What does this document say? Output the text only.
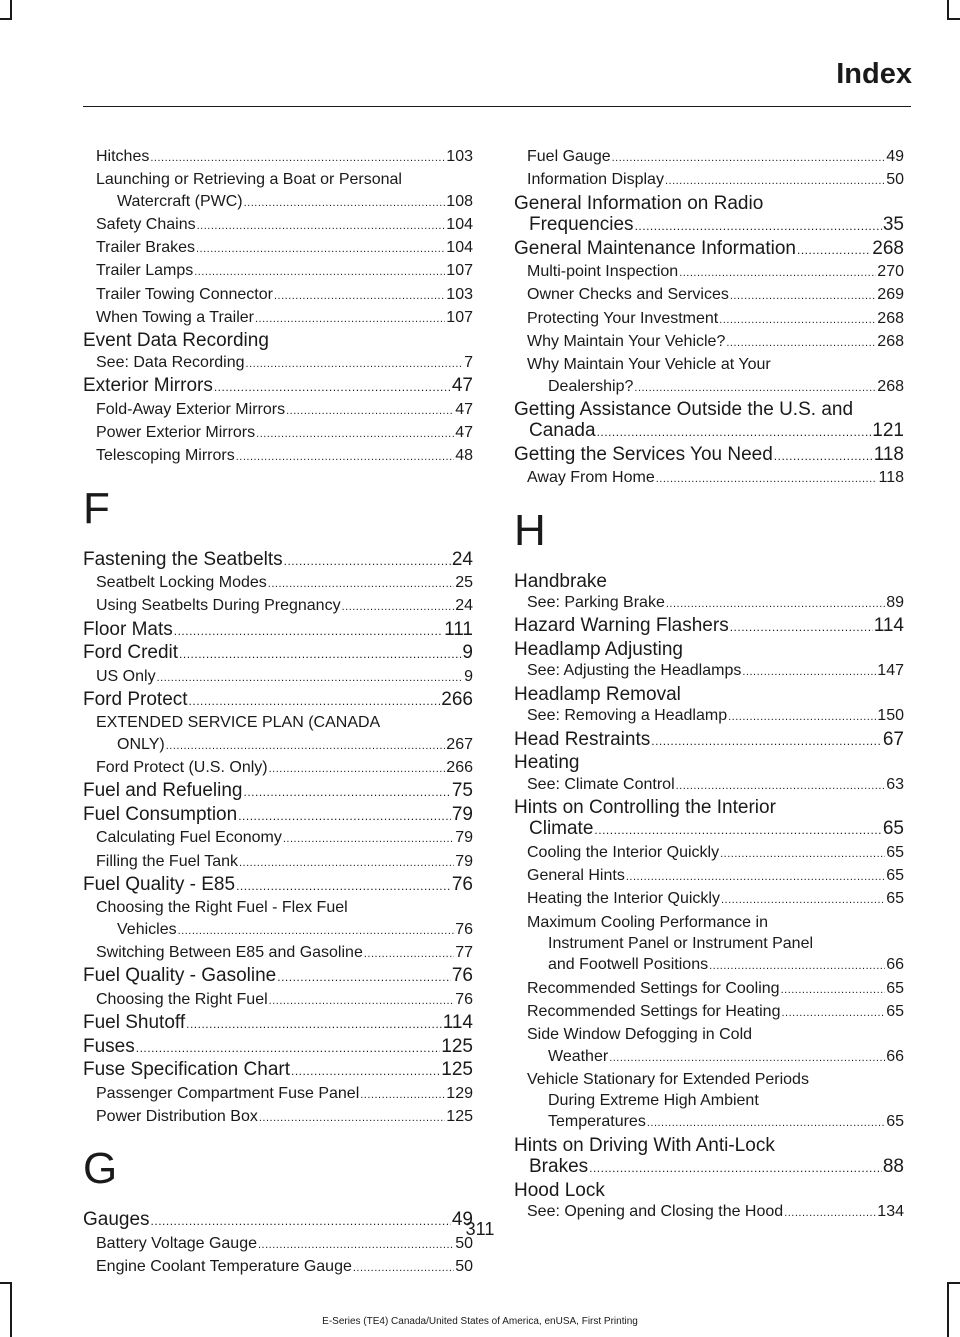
Index
Hitches .....	103
Launching or Retrieving a Boat or Personal
Watercraft (PWC) .....	108
Safety Chains .....	104
Trailer Brakes .....	104
Trailer Lamps .....	107
Trailer Towing Connector .....	103
When Towing a Trailer .....	107
Event Data Recording
See: Data Recording .....	7
Exterior Mirrors .....	47
Fold-Away Exterior Mirrors .....	47
Power Exterior Mirrors .....	47
Telescoping Mirrors .....	48
F
Fastening the Seatbelts .....	24
Seatbelt Locking Modes .....	25
Using Seatbelts During Pregnancy .....	24
Floor Mats .....	111
Ford Credit .....	9
US Only .....	9
Ford Protect .....	266
EXTENDED SERVICE PLAN (CANADA
ONLY) .....	267
Ford Protect (U.S. Only) .....	266
Fuel and Refueling .....	75
Fuel Consumption .....	79
Calculating Fuel Economy .....	79
Filling the Fuel Tank .....	79
Fuel Quality - E85 .....	76
Choosing the Right Fuel - Flex Fuel
Vehicles .....	76
Switching Between E85 and Gasoline .....	77
Fuel Quality - Gasoline .....	76
Choosing the Right Fuel .....	76
Fuel Shutoff .....	114
Fuses .....	125
Fuse Specification Chart .....	125
Passenger Compartment Fuse Panel .....	129
Power Distribution Box .....	125
G
Gauges .....	49
Battery Voltage Gauge .....	50
Engine Coolant Temperature Gauge .....	50
Fuel Gauge .....	49
Information Display .....	50
General Information on Radio
Frequencies .....	35
General Maintenance Information .....	268
Multi-point Inspection .....	270
Owner Checks and Services .....	269
Protecting Your Investment .....	268
Why Maintain Your Vehicle? .....	268
Why Maintain Your Vehicle at Your
Dealership? .....	268
Getting Assistance Outside the U.S. and
Canada .....	121
Getting the Services You Need .....	118
Away From Home .....	118
H
Handbrake
See: Parking Brake .....	89
Hazard Warning Flashers .....	114
Headlamp Adjusting
See: Adjusting the Headlamps .....	147
Headlamp Removal
See: Removing a Headlamp .....	150
Head Restraints .....	67
Heating
See: Climate Control .....	63
Hints on Controlling the Interior
Climate .....	65
Cooling the Interior Quickly .....	65
General Hints .....	65
Heating the Interior Quickly .....	65
Maximum Cooling Performance in
Instrument Panel or Instrument Panel
and Footwell Positions .....	66
Recommended Settings for Cooling .....	65
Recommended Settings for Heating .....	65
Side Window Defogging in Cold
Weather .....	66
Vehicle Stationary for Extended Periods
During Extreme High Ambient
Temperatures .....	65
Hints on Driving With Anti-Lock
Brakes .....	88
Hood Lock
See: Opening and Closing the Hood .....	134
311
E-Series (TE4) Canada/United States of America, enUSA, First Printing
